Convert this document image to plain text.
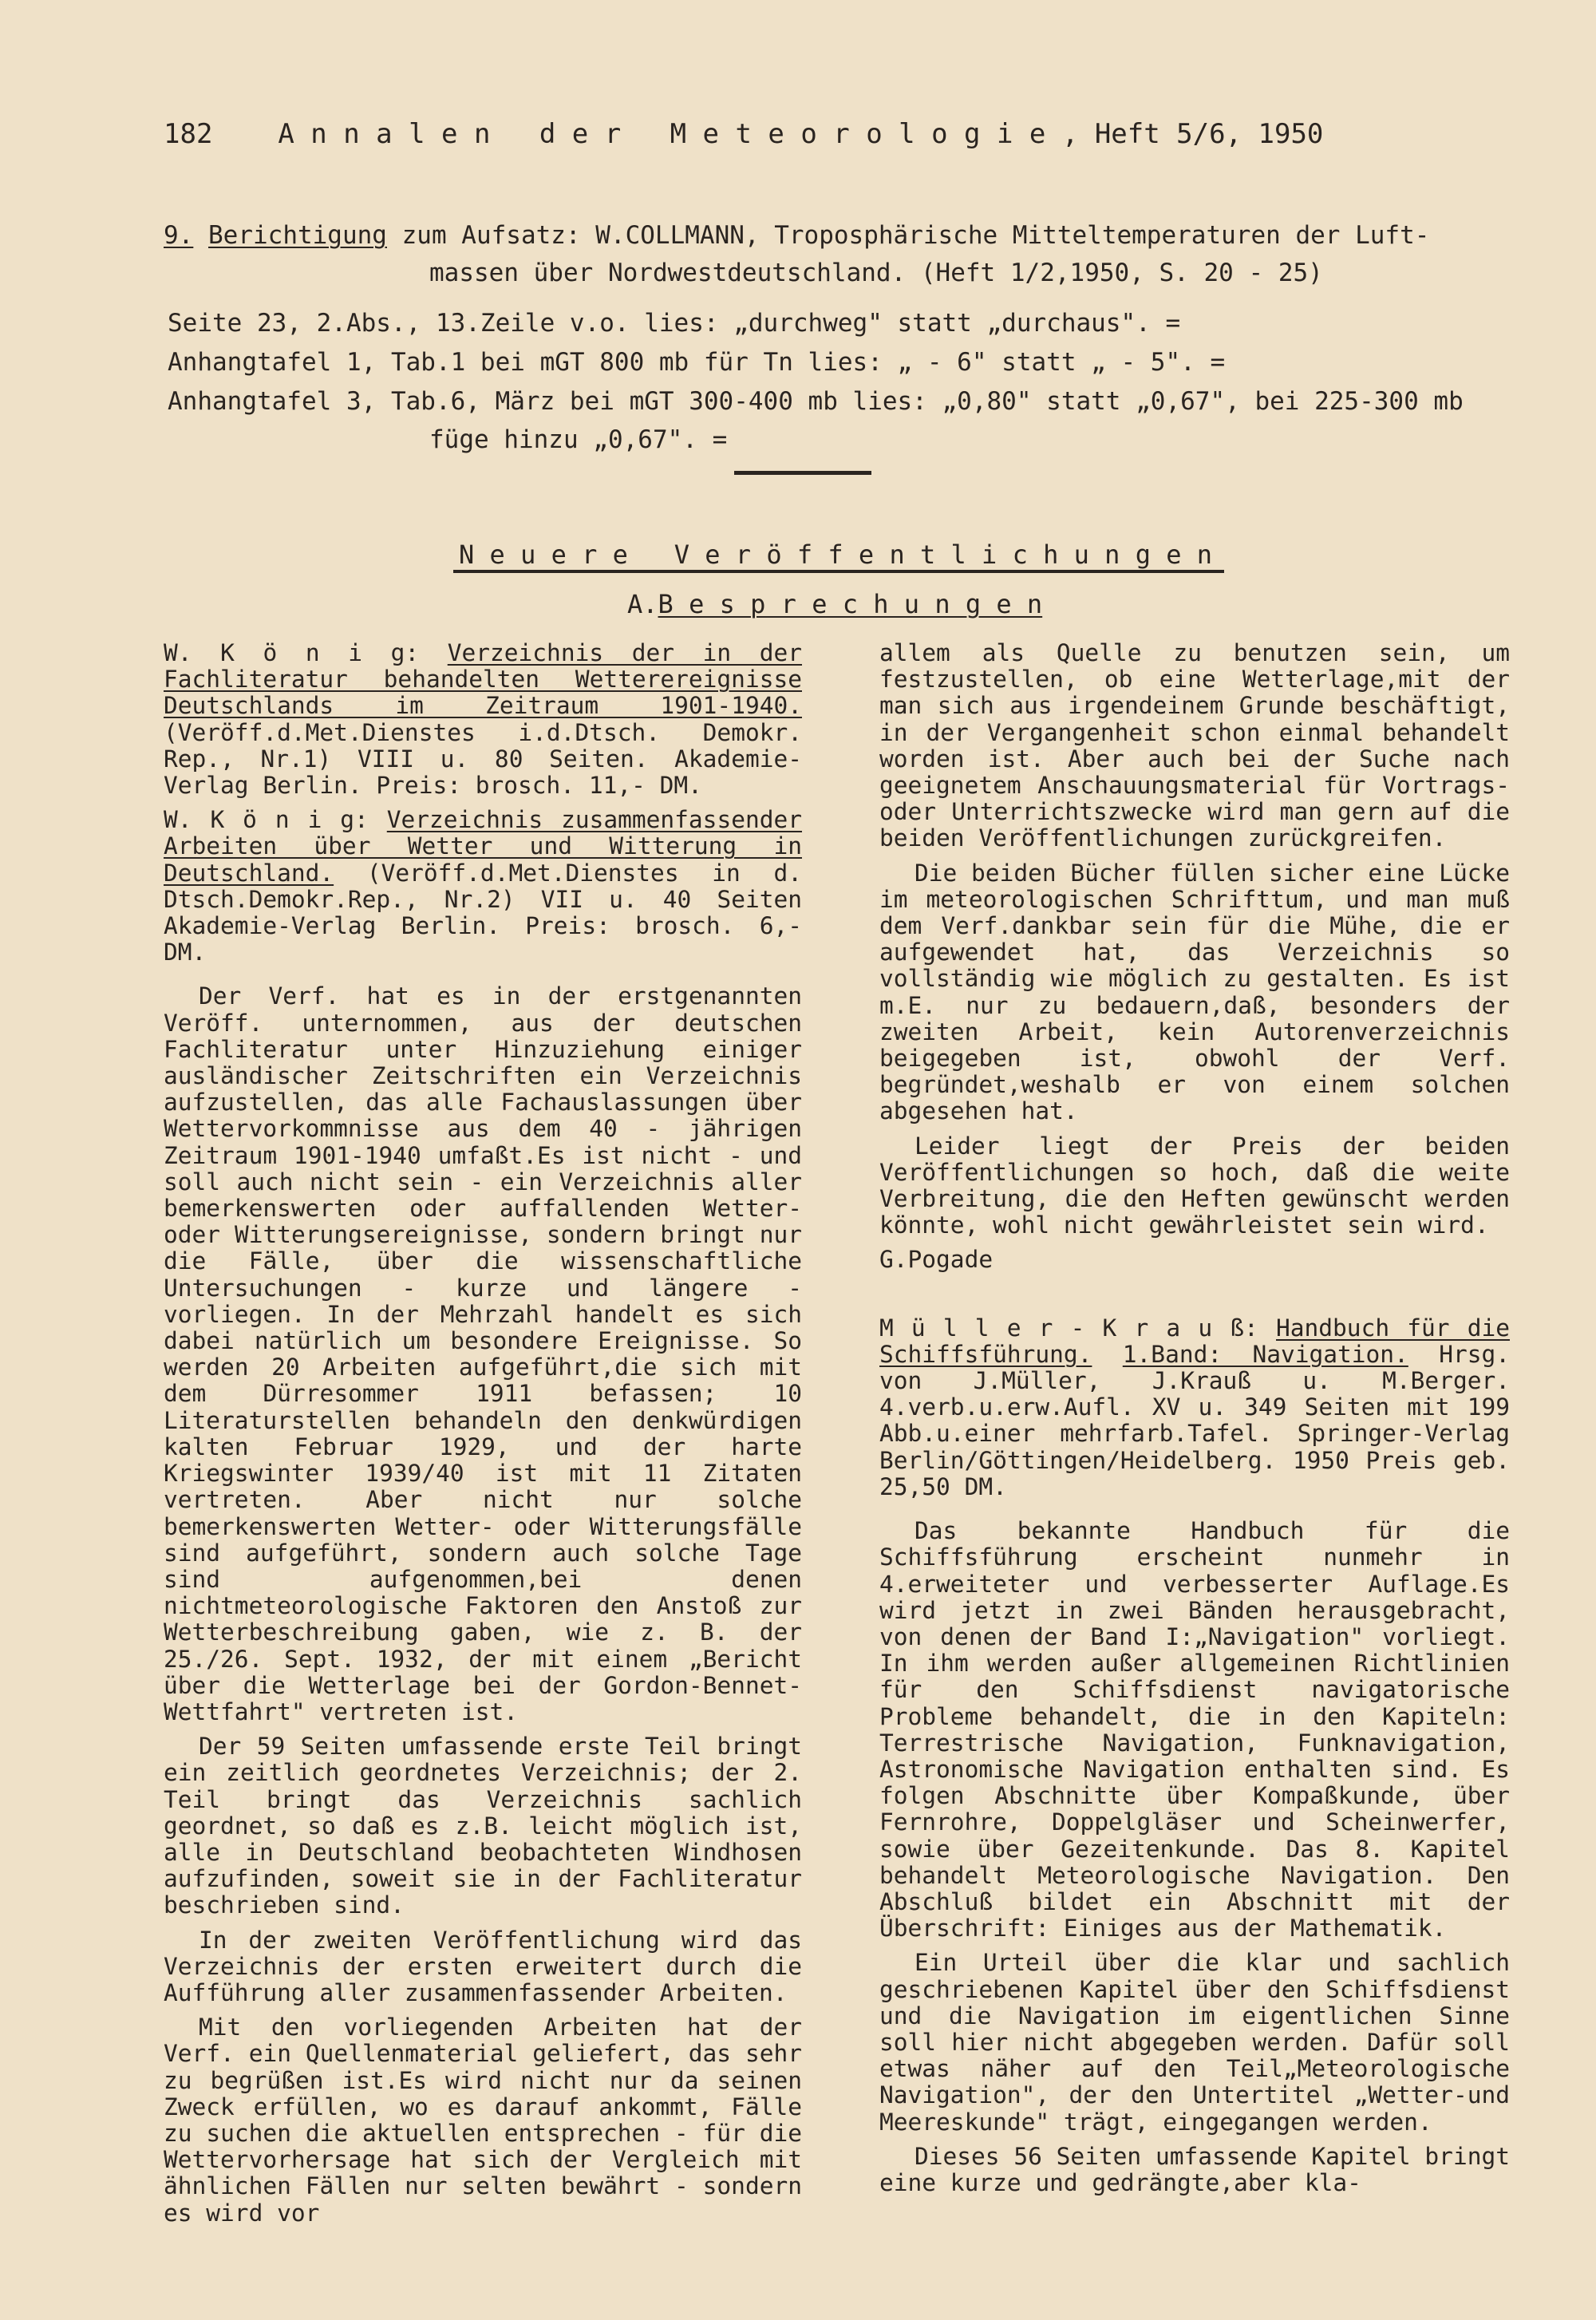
182 A n n a l e n   d e r   M e t e o r o l o g i e , Heft 5/6, 1950
9. Berichtigung zum Aufsatz: W.COLLMANN, Troposphärische Mitteltemperaturen der Luft-
massen über Nordwestdeutschland. (Heft 1/2,1950, S. 20 - 25)
Seite 23, 2.Abs., 13.Zeile v.o. lies: „durchweg" statt „durchaus". =
Anhangtafel 1, Tab.1 bei mGT 800 mb für Tn lies: „ - 6" statt „ - 5". =
Anhangtafel 3, Tab.6, März bei mGT 300-400 mb lies: „0,80" statt „0,67", bei 225-300 mb
füge hinzu „0,67". =
N e u e r e   V e r ö f f e n t l i c h u n g e n
A.B e s p r e c h u n g e n

W. K ö n i g: Verzeichnis der in der Fachliteratur behandelten Wetterereignisse Deutschlands im Zeitraum 1901-1940. (Veröff.d.Met.Dienstes i.d.Dtsch. Demokr. Rep., Nr.1) VIII u. 80 Seiten. Akademie-Verlag Berlin. Preis: brosch. 11,- DM.

W. K ö n i g: Verzeichnis zusammenfassender Arbeiten über Wetter und Witterung in Deutschland. (Veröff.d.Met.Dienstes in d. Dtsch.Demokr.Rep., Nr.2) VII u. 40 Seiten Akademie-Verlag Berlin. Preis: brosch. 6,- DM.

Der Verf. hat es in der erstgenannten Veröff. unternommen, aus der deutschen Fachliteratur unter Hinzuziehung einiger ausländischer Zeitschriften ein Verzeichnis aufzustellen, das alle Fachauslassungen über Wettervorkommnisse aus dem 40 - jährigen Zeitraum 1901-1940 umfaßt.Es ist nicht - und soll auch nicht sein - ein Verzeichnis aller bemerkenswerten oder auffallenden Wetter- oder Witterungsereignisse, sondern bringt nur die Fälle, über die wissenschaftliche Untersuchungen - kurze und längere - vorliegen. In der Mehrzahl handelt es sich dabei natürlich um besondere Ereignisse. So werden 20 Arbeiten aufgeführt,die sich mit dem Dürresommer 1911 befassen; 10 Literaturstellen behandeln den denkwürdigen kalten Februar 1929, und der harte Kriegswinter 1939/40 ist mit 11 Zitaten vertreten. Aber nicht nur solche bemerkenswerten Wetter- oder Witterungsfälle sind aufgeführt, sondern auch solche Tage sind aufgenommen,bei denen nichtmeteorologische Faktoren den Anstoß zur Wetterbeschreibung gaben, wie z. B. der 25./26. Sept. 1932, der mit einem „Bericht über die Wetterlage bei der Gordon-Bennet-Wettfahrt" vertreten ist.

Der 59 Seiten umfassende erste Teil bringt ein zeitlich geordnetes Verzeichnis; der 2. Teil bringt das Verzeichnis sachlich geordnet, so daß es z.B. leicht möglich ist, alle in Deutschland beobachteten Windhosen aufzufinden, soweit sie in der Fachliteratur beschrieben sind.

In der zweiten Veröffentlichung wird das Verzeichnis der ersten erweitert durch die Aufführung aller zusammenfassender Arbeiten.

Mit den vorliegenden Arbeiten hat der Verf. ein Quellenmaterial geliefert, das sehr zu begrüßen ist.Es wird nicht nur da seinen Zweck erfüllen, wo es darauf ankommt, Fälle zu suchen die aktuellen entsprechen - für die Wettervorhersage hat sich der Vergleich mit ähnlichen Fällen nur selten bewährt - sondern es wird vor

allem als Quelle zu benutzen sein, um festzustellen, ob eine Wetterlage,mit der man sich aus irgendeinem Grunde beschäftigt, in der Vergangenheit schon einmal behandelt worden ist. Aber auch bei der Suche nach geeignetem Anschauungsmaterial für Vortrags- oder Unterrichtszwecke wird man gern auf die beiden Veröffentlichungen zurückgreifen.

Die beiden Bücher füllen sicher eine Lücke im meteorologischen Schrifttum, und man muß dem Verf.dankbar sein für die Mühe, die er aufgewendet hat, das Verzeichnis so vollständig wie möglich zu gestalten. Es ist m.E. nur zu bedauern,daß, besonders der zweiten Arbeit, kein Autorenverzeichnis beigegeben ist, obwohl der Verf. begründet,weshalb er von einem solchen abgesehen hat.

Leider liegt der Preis der beiden Veröffentlichungen so hoch, daß die weite Verbreitung, die den Heften gewünscht werden könnte, wohl nicht gewährleistet sein wird.

G.Pogade

M ü l l e r - K r a u ß: Handbuch für die Schiffsführung. 1.Band: Navigation. Hrsg. von J.Müller, J.Krauß u. M.Berger. 4.verb.u.erw.Aufl. XV u. 349 Seiten mit 199 Abb.u.einer mehrfarb.Tafel. Springer-Verlag Berlin/Göttingen/Heidelberg. 1950 Preis geb. 25,50 DM.

Das bekannte Handbuch für die Schiffsführung erscheint nunmehr in 4.erweiteter und verbesserter Auflage.Es wird jetzt in zwei Bänden herausgebracht, von denen der Band I:„Navigation" vorliegt. In ihm werden außer allgemeinen Richtlinien für den Schiffsdienst navigatorische Probleme behandelt, die in den Kapiteln: Terrestrische Navigation, Funknavigation, Astronomische Navigation enthalten sind. Es folgen Abschnitte über Kompaßkunde, über Fernrohre, Doppelgläser und Scheinwerfer, sowie über Gezeitenkunde. Das 8. Kapitel behandelt Meteorologische Navigation. Den Abschluß bildet ein Abschnitt mit der Überschrift: Einiges aus der Mathematik.

Ein Urteil über die klar und sachlich geschriebenen Kapitel über den Schiffsdienst und die Navigation im eigentlichen Sinne soll hier nicht abgegeben werden. Dafür soll etwas näher auf den Teil„Meteorologische Navigation", der den Untertitel „Wetter-und Meereskunde" trägt, eingegangen werden.

Dieses 56 Seiten umfassende Kapitel bringt eine kurze und gedrängte,aber kla-
